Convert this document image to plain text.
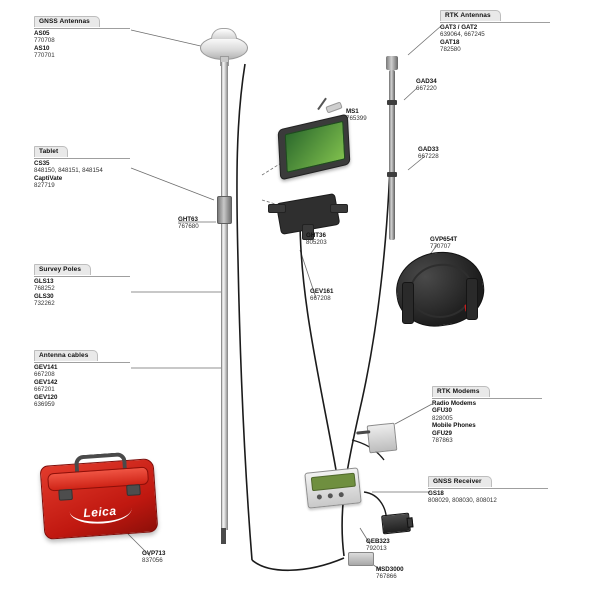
Leica
GNSS Antennas
AS05
770708
AS10
770701
Tablet
CS35
848150, 848151, 848154
CaptiVate
827719
Survey Poles
GLS13
768252
GLS30
732262
Antenna cables
GEV141
667208
GEV142
667201
GEV120
636959
RTK Antennas
GAT3 / GAT2
639064, 667245
GAT18
782580
RTK Modems
Radio Modems
GFU30
828005
Mobile Phones
GFU29
787863
GNSS Receiver
GS18
808029, 808030, 808012
MS1
765399
GAD34
667220
GAD33
667228
GVP654T
770707
GHT63
767680
GHT36
805203
GEV161
667208
GEB323
792013
MSD3000
767866
GVP713
837056
